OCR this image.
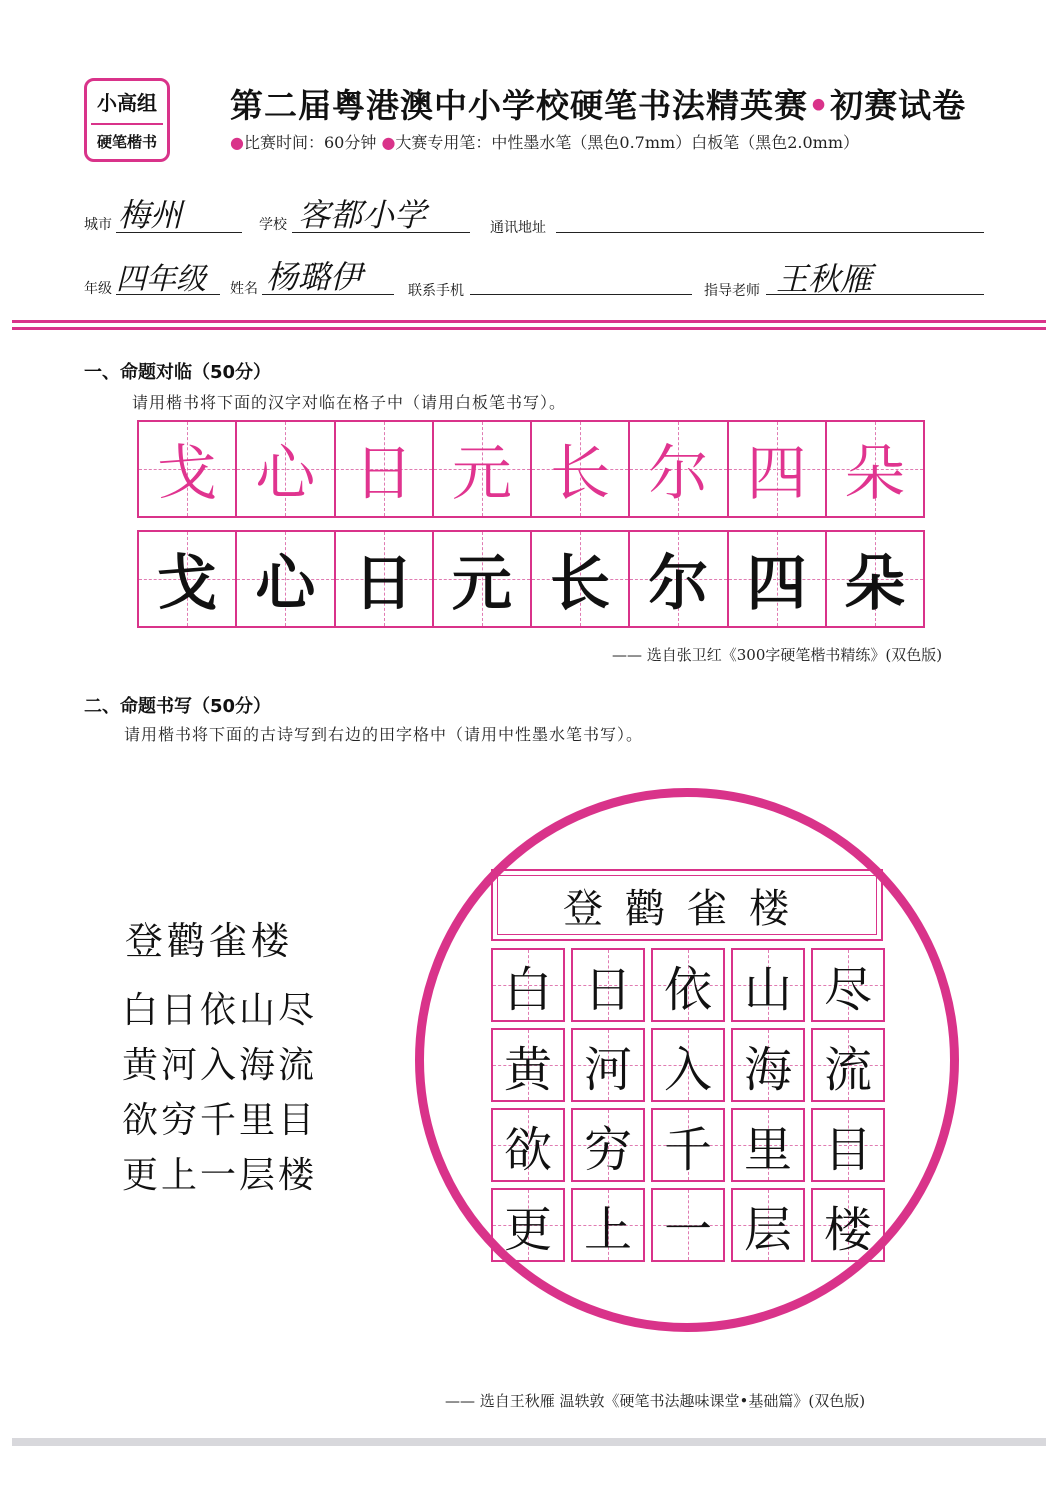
小高组
硬笔楷书
第二届粤港澳中小学校硬笔书法精英赛•初赛试卷
●比赛时间：60分钟 ●大赛专用笔：中性墨水笔（黑色0.7mm）白板笔（黑色2.0mm）
城市 梅州	学校 客都小学	通讯地址
年级 四年级 姓名 杨璐伊	联系手机	指导老师 王秋雁
一、命题对临（50分）
请用楷书将下面的汉字对临在格子中（请用白板笔书写）。
戈 心 日 元 长 尔 四 朵
戈 心 日 元 长 尔 四 朵
—— 选自张卫红《300字硬笔楷书精练》(双色版)
二、命题书写（50分）
请用楷书将下面的古诗写到右边的田字格中（请用中性墨水笔书写）。
登鹳雀楼
白日依山尽
黄河入海流
欲穷千里目
更上一层楼
登鹳雀楼
白 日 依 山 尽
黄 河 入 海 流
欲 穷 千 里 目
更 上 一 层 楼
—— 选自王秋雁 温轶敦《硬笔书法趣味课堂•基础篇》(双色版)
